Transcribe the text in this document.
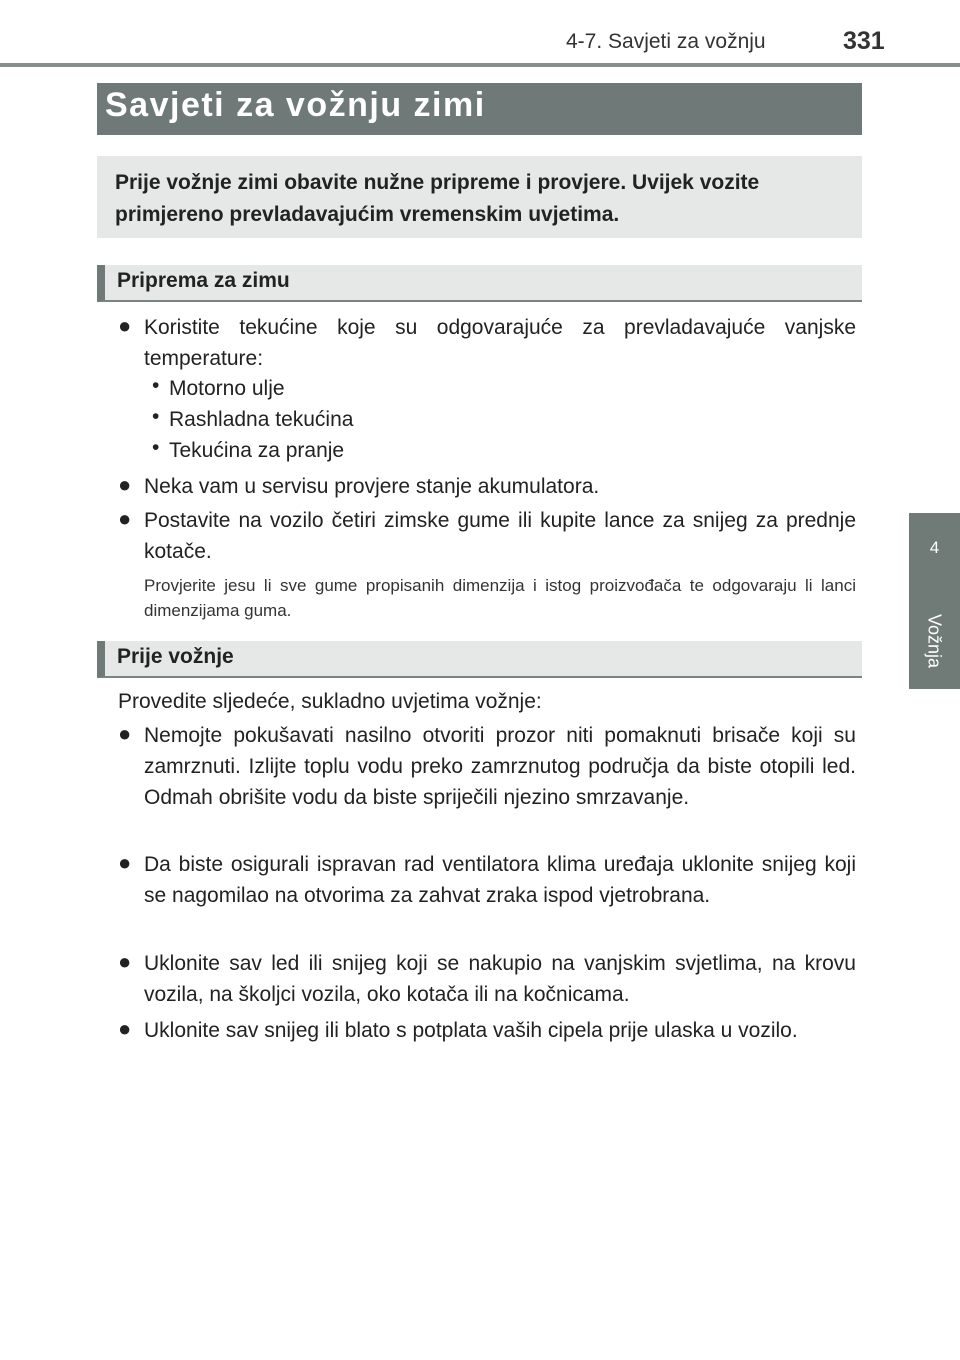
4-7. Savjeti za vožnju	331
4
Vožnja
Savjeti za vožnju zimi
Prije vožnje zimi obavite nužne pripreme i provjere. Uvijek vozite primjereno prevladavajućim vremenskim uvjetima.
Priprema za zimu
● Koristite tekućine koje su odgovarajuće za prevladavajuće vanjske temperature:
• Motorno ulje
• Rashladna tekućina
• Tekućina za pranje
● Neka vam u servisu provjere stanje akumulatora.
● Postavite na vozilo četiri zimske gume ili kupite lance za snijeg za prednje kotače.
Provjerite jesu li sve gume propisanih dimenzija i istog proizvođača te odgovaraju li lanci dimenzijama guma.
Prije vožnje
Provedite sljedeće, sukladno uvjetima vožnje:
● Nemojte pokušavati nasilno otvoriti prozor niti pomaknuti brisače koji su zamrznuti. Izlijte toplu vodu preko zamrznutog područja da biste otopili led. Odmah obrišite vodu da biste spriječili njezino smrzavanje.
● Da biste osigurali ispravan rad ventilatora klima uređaja uklonite snijeg koji se nagomilao na otvorima za zahvat zraka ispod vjetrobrana.
● Uklonite sav led ili snijeg koji se nakupio na vanjskim svjetlima, na krovu vozila, na školjci vozila, oko kotača ili na kočnicama.
● Uklonite sav snijeg ili blato s potplata vaših cipela prije ulaska u vozilo.
